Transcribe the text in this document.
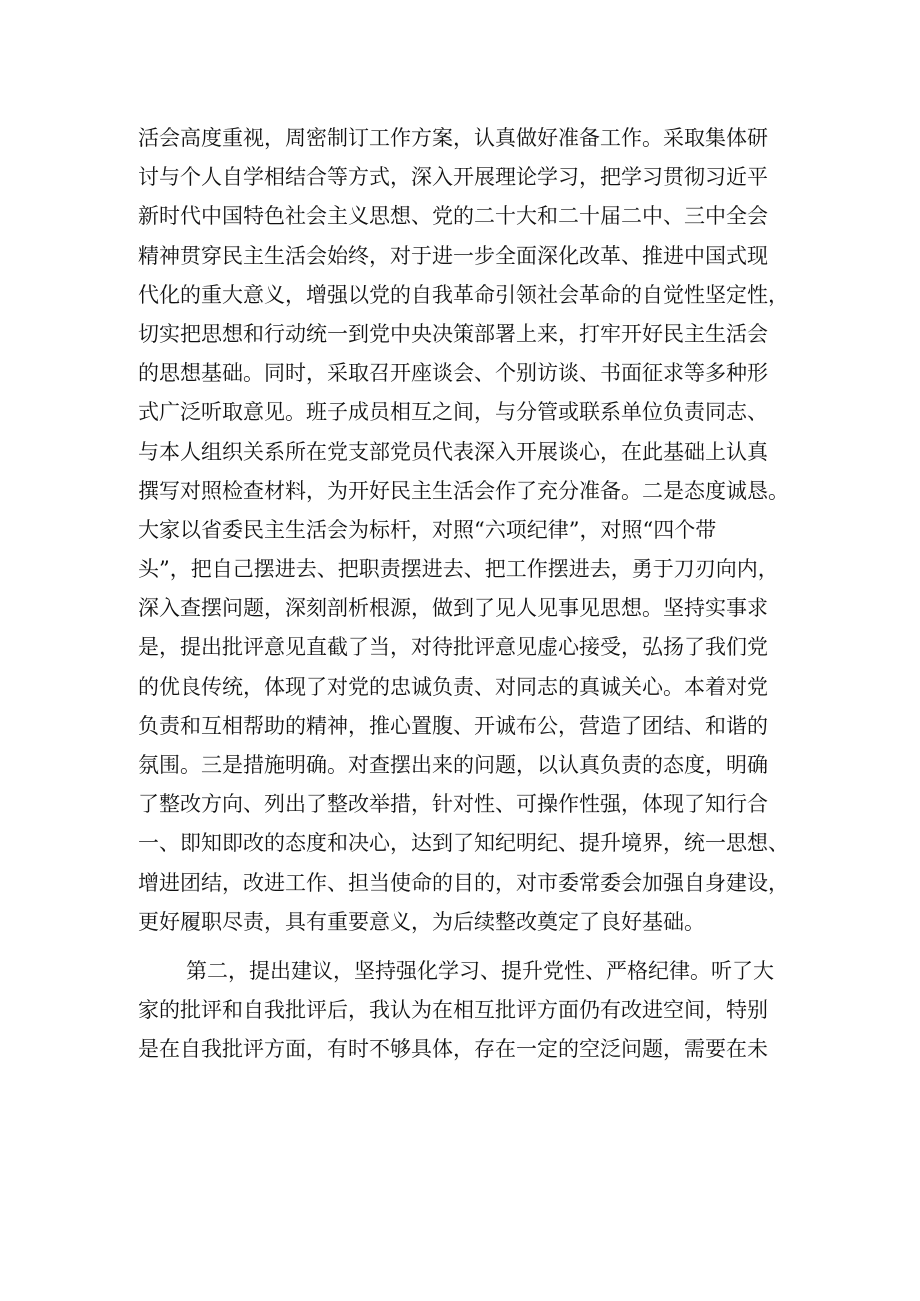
活会高度重视，周密制订工作方案，认真做好准备工作。采取集体研
讨与个人自学相结合等方式，深入开展理论学习，把学习贯彻习近平
新时代中国特色社会主义思想、党的二十大和二十届二中、三中全会
精神贯穿民主生活会始终，对于进一步全面深化改革、推进中国式现
代化的重大意义，增强以党的自我革命引领社会革命的自觉性坚定性，
切实把思想和行动统一到党中央决策部署上来，打牢开好民主生活会
的思想基础。同时，采取召开座谈会、个别访谈、书面征求等多种形
式广泛听取意见。班子成员相互之间，与分管或联系单位负责同志、
与本人组织关系所在党支部党员代表深入开展谈心，在此基础上认真
撰写对照检查材料，为开好民主生活会作了充分准备。二是态度诚恳。
大家以省委民主生活会为标杆，对照“六项纪律”，对照“四个带
头”，把自己摆进去、把职责摆进去、把工作摆进去，勇于刀刃向内，
深入查摆问题，深刻剖析根源，做到了见人见事见思想。坚持实事求
是，提出批评意见直截了当，对待批评意见虚心接受，弘扬了我们党
的优良传统，体现了对党的忠诚负责、对同志的真诚关心。本着对党
负责和互相帮助的精神，推心置腹、开诚布公，营造了团结、和谐的
氛围。三是措施明确。对查摆出来的问题，以认真负责的态度，明确
了整改方向、列出了整改举措，针对性、可操作性强，体现了知行合
一、即知即改的态度和决心，达到了知纪明纪、提升境界，统一思想、
增进团结，改进工作、担当使命的目的，对市委常委会加强自身建设，
更好履职尽责，具有重要意义，为后续整改奠定了良好基础。
第二，提出建议，坚持强化学习、提升党性、严格纪律。听了大
家的批评和自我批评后，我认为在相互批评方面仍有改进空间，特别
是在自我批评方面，有时不够具体，存在一定的空泛问题，需要在未
